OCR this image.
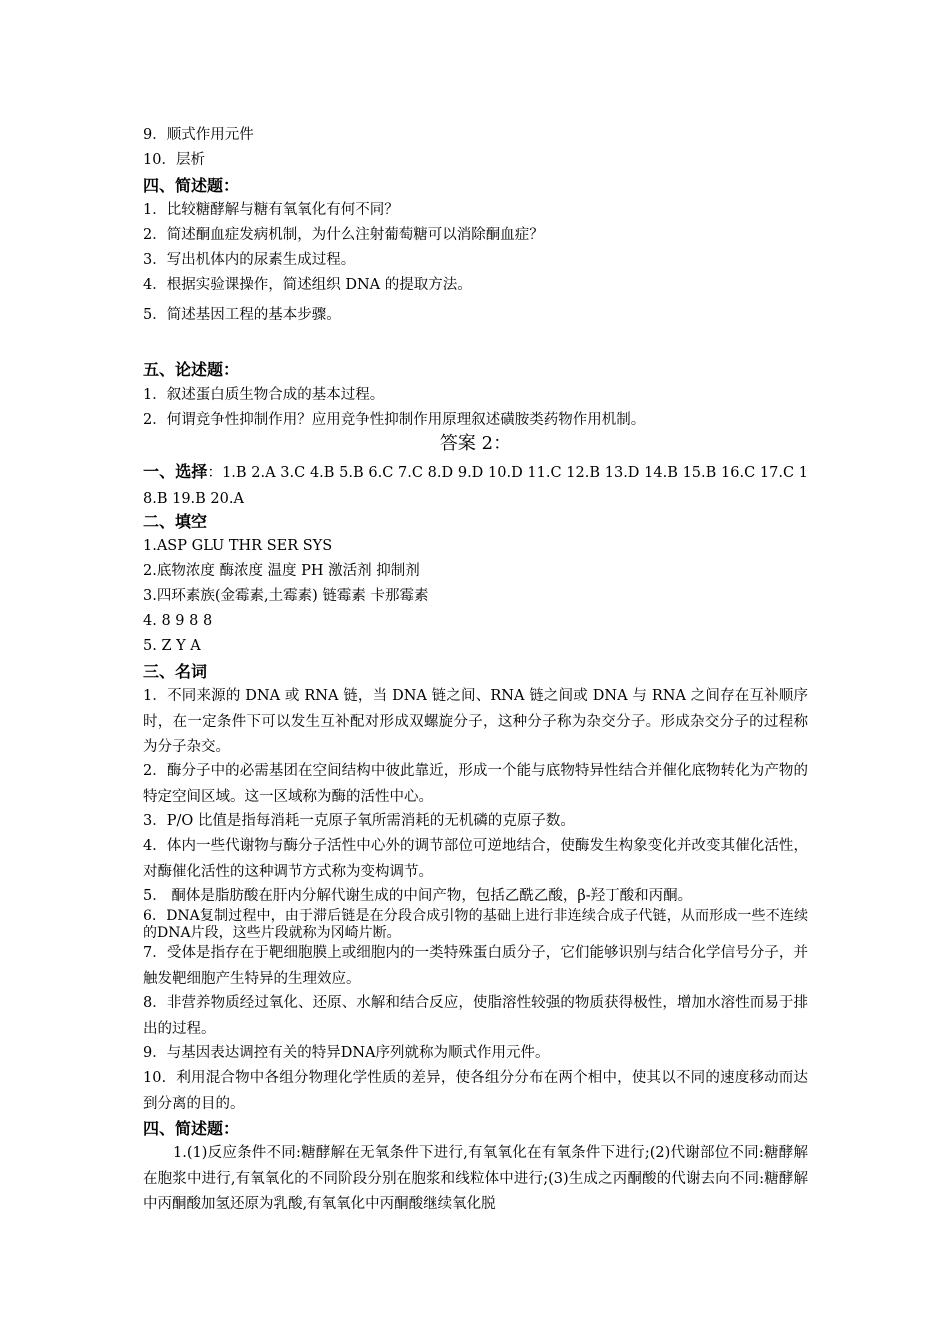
9．顺式作用元件
10．层析
四、简述题：
1．比较糖酵解与糖有氧氧化有何不同？
2．简述酮血症发病机制，为什么注射葡萄糖可以消除酮血症？
3．写出机体内的尿素生成过程。
4．根据实验课操作，简述组织 DNA 的提取方法。
5．简述基因工程的基本步骤。
五、论述题：
1．叙述蛋白质生物合成的基本过程。
2．何谓竞争性抑制作用？应用竞争性抑制作用原理叙述磺胺类药物作用机制。
答案 2：
一、选择：1.B 2.A 3.C 4.B 5.B 6.C 7.C 8.D 9.D 10.D 11.C 12.B 13.D 14.B 15.B 16.C 17.C 18.B 19.B 20.A
二、填空
1.ASP GLU THR SER SYS
2.底物浓度 酶浓度 温度 PH 激活剂 抑制剂
3.四环素族(金霉素,土霉素) 链霉素 卡那霉素
4. 8 9 8 8
5. Z Y A
三、名词
1．不同来源的 DNA 或 RNA 链，当 DNA 链之间、RNA 链之间或 DNA 与 RNA 之间存在互补顺序时，在一定条件下可以发生互补配对形成双螺旋分子，这种分子称为杂交分子。形成杂交分子的过程称为分子杂交。
2．酶分子中的必需基团在空间结构中彼此靠近，形成一个能与底物特异性结合并催化底物转化为产物的特定空间区域。这一区域称为酶的活性中心。
3．P/O 比值是指每消耗一克原子氧所需消耗的无机磷的克原子数。
4．体内一些代谢物与酶分子活性中心外的调节部位可逆地结合，使酶发生构象变化并改变其催化活性，对酶催化活性的这种调节方式称为变构调节。
5． 酮体是脂肪酸在肝内分解代谢生成的中间产物，包括乙酰乙酸，β-羟丁酸和丙酮。
6．DNA复制过程中，由于滞后链是在分段合成引物的基础上进行非连续合成子代链，从而形成一些不连续的DNA片段，这些片段就称为冈崎片断。
7．受体是指存在于靶细胞膜上或细胞内的一类特殊蛋白质分子，它们能够识别与结合化学信号分子，并触发靶细胞产生特异的生理效应。
8．非营养物质经过氧化、还原、水解和结合反应，使脂溶性较强的物质获得极性，增加水溶性而易于排出的过程。
9．与基因表达调控有关的特异DNA序列就称为顺式作用元件。
10．利用混合物中各组分物理化学性质的差异，使各组分分布在两个相中，使其以不同的速度移动而达到分离的目的。
四、简述题：
1.(1)反应条件不同:糖酵解在无氧条件下进行,有氧氧化在有氧条件下进行;(2)代谢部位不同:糖酵解在胞浆中进行,有氧氧化的不同阶段分别在胞浆和线粒体中进行;(3)生成之丙酮酸的代谢去向不同:糖酵解中丙酮酸加氢还原为乳酸,有氧氧化中丙酮酸继续氧化脱
